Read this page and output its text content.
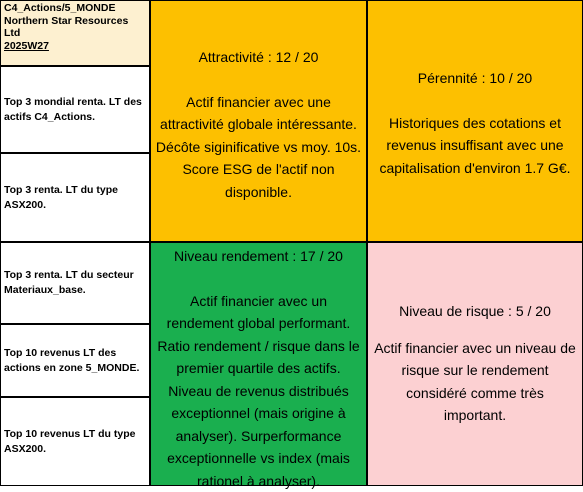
C4_Actions/5_MONDE
Northern Star Resources
Ltd
2025W27
Top 3 mondial renta. LT des
actifs C4_Actions.
Top 3 renta. LT du type
ASX200.
Top 3 renta. LT du secteur
Materiaux_base.
Top 10 revenus LT des
actions en zone 5_MONDE.
Top 10 revenus LT du type
ASX200.
Attractivité : 12 / 20
Actif financier avec une
attractivité globale intéressante.
Décôte siginificative vs moy. 10s.
Score ESG de l'actif non
disponible.
Pérennité : 10 / 20
Historiques des cotations et
revenus insuffisant avec une
capitalisation d'environ 1.7 G€.
Niveau rendement : 17 / 20
Actif financier avec un
rendement global performant.
Ratio rendement / risque dans le
premier quartile des actifs.
Niveau de revenus distribués
exceptionnel (mais origine à
analyser). Surperformance
exceptionnelle vs index (mais
rationel à analyser).
Niveau de risque : 5 / 20
Actif financier avec un niveau de
risque sur le rendement
considéré comme très
important.
